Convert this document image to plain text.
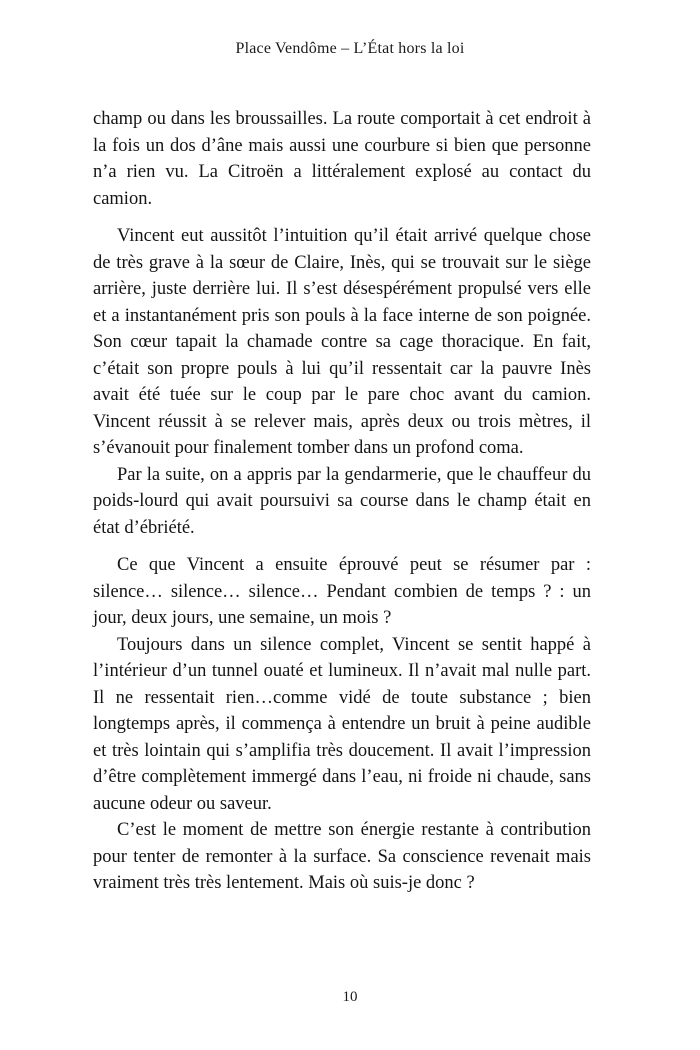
Place Vendôme – L’État hors la loi

champ ou dans les broussailles. La route comportait à cet endroit à la fois un dos d’âne mais aussi une courbure si bien que personne n’a rien vu. La Citroën a littéralement explosé au contact du camion.

Vincent eut aussitôt l’intuition qu’il était arrivé quelque chose de très grave à la sœur de Claire, Inès, qui se trouvait sur le siège arrière, juste derrière lui. Il s’est désespérément propulsé vers elle et a instantanément pris son pouls à la face interne de son poignée. Son cœur tapait la chamade contre sa cage thoracique. En fait, c’était son propre pouls à lui qu’il ressentait car la pauvre Inès avait été tuée sur le coup par le pare choc avant du camion. Vincent réussit à se relever mais, après deux ou trois mètres, il s’évanouit pour finalement tomber dans un profond coma.

Par la suite, on a appris par la gendarmerie, que le chauffeur du poids-lourd qui avait poursuivi sa course dans le champ était en état d’ébriété.

Ce que Vincent a ensuite éprouvé peut se résumer par : silence… silence… silence… Pendant combien de temps ? : un jour, deux jours, une semaine, un mois ?

Toujours dans un silence complet, Vincent se sentit happé à l’intérieur d’un tunnel ouaté et lumineux. Il n’avait mal nulle part. Il ne ressentait rien…comme vidé de toute substance ; bien longtemps après, il commença à entendre un bruit à peine audible et très lointain qui s’amplifia très doucement. Il avait l’impression d’être complètement immergé dans l’eau, ni froide ni chaude, sans aucune odeur ou saveur.

C’est le moment de mettre son énergie restante à contribution pour tenter de remonter à la surface. Sa conscience revenait mais vraiment très très lentement. Mais où suis-je donc ?

10
